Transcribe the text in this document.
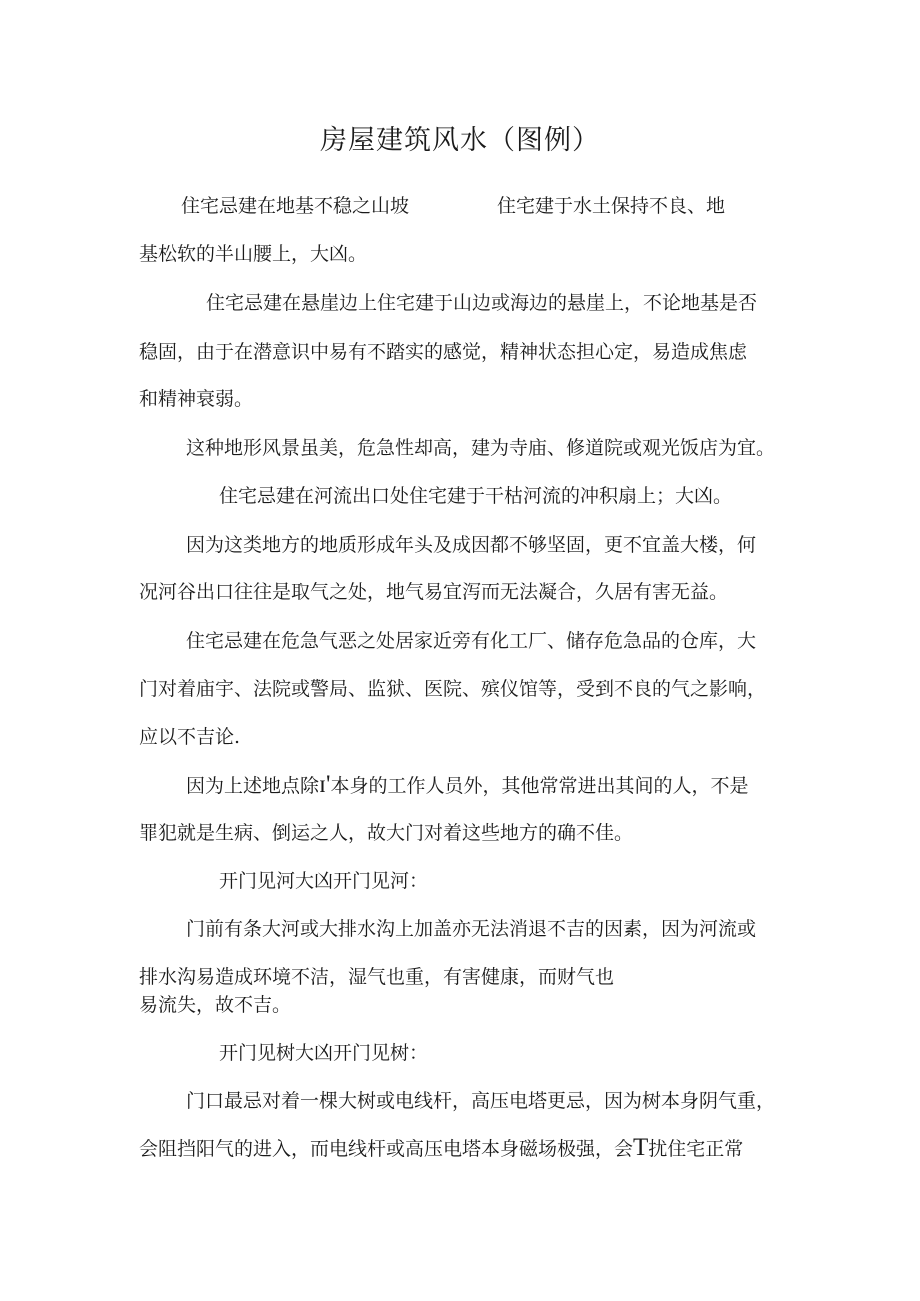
房屋建筑风水（图例）
住宅忌建在地基不稳之山坡	住宅建于水土保持不良、地
基松软的半山腰上，大凶。
住宅忌建在悬崖边上住宅建于山边或海边的悬崖上，不论地基是否
稳固，由于在潜意识中易有不踏实的感觉，精神状态担心定，易造成焦虑
和精神衰弱。
这种地形风景虽美，危急性却高，建为寺庙、修道院或观光饭店为宜。
住宅忌建在河流出口处住宅建于干枯河流的冲积扇上；大凶。
因为这类地方的地质形成年头及成因都不够坚固，更不宜盖大楼，何
况河谷出口往往是取气之处，地气易宜泻而无法凝合，久居有害无益。
住宅忌建在危急气恶之处居家近旁有化工厂、储存危急品的仓库，大
门对着庙宇、法院或警局、监狱、医院、殡仪馆等，受到不良的气之影响，
应以不吉论.
因为上述地点除ɪ'本身的工作人员外，其他常常进出其间的人，不是
罪犯就是生病、倒运之人，故大门对着这些地方的确不佳。
开门见河大凶开门见河：
门前有条大河或大排水沟上加盖亦无法消退不吉的因素，因为河流或
排水沟易造成环境不洁，湿气也重，有害健康，而财气也
易流失，故不吉。
开门见树大凶开门见树：
门口最忌对着一棵大树或电线杆，高压电塔更忌，因为树本身阴气重，
会阻挡阳气的进入，而电线杆或高压电塔本身磁场极强，会T扰住宅正常
